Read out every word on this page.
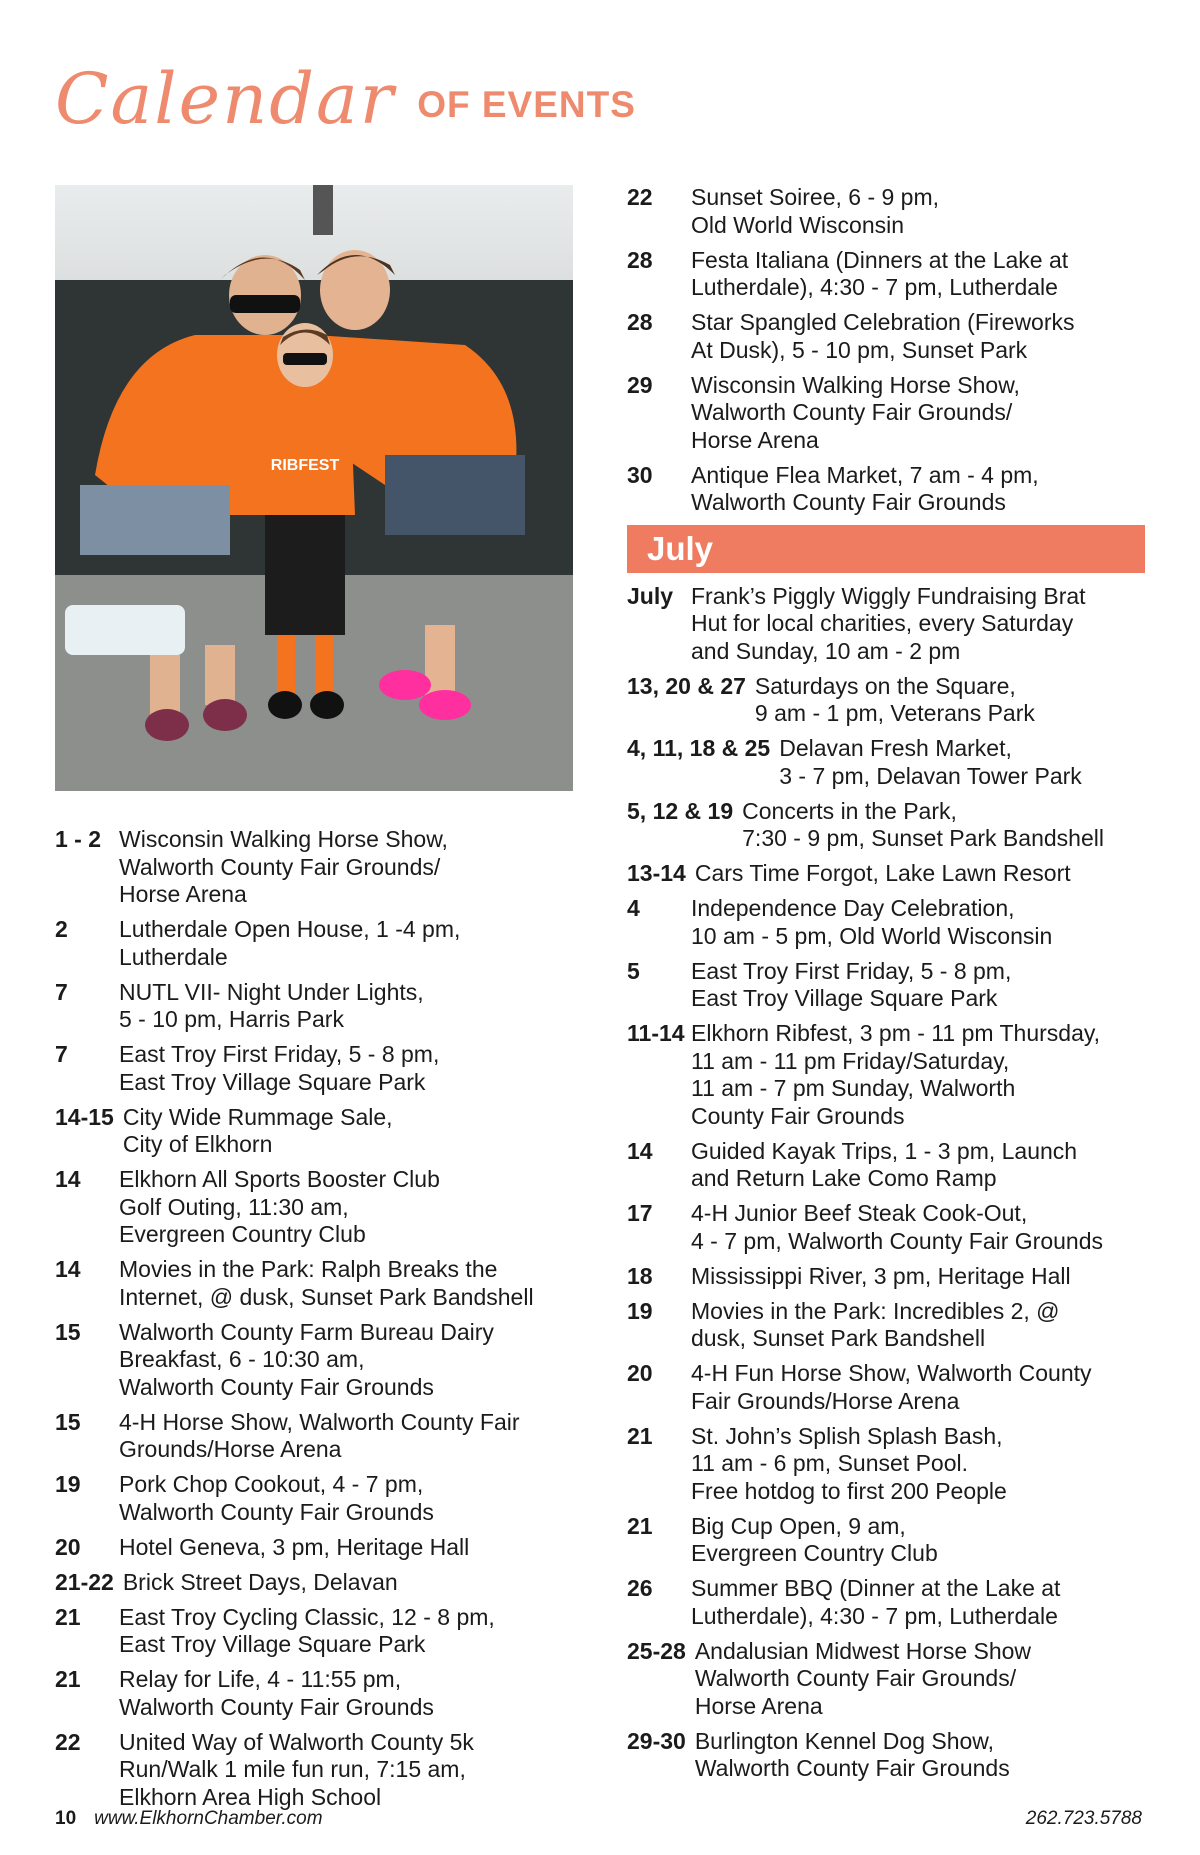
Calendar OF EVENTS
RIBFEST
1 - 2 Wisconsin Walking Horse Show,
Walworth County Fair Grounds/
Horse Arena
2	Lutherdale Open House, 1 -4 pm,
Lutherdale
7	NUTL VII- Night Under Lights,
5 - 10 pm, Harris Park
7	East Troy First Friday, 5 - 8 pm,
East Troy Village Square Park
14-15 City Wide Rummage Sale,
City of Elkhorn
14	Elkhorn All Sports Booster Club
Golf Outing, 11:30 am,
Evergreen Country Club
14	Movies in the Park: Ralph Breaks the
Internet, @ dusk, Sunset Park Bandshell
15	Walworth County Farm Bureau Dairy
Breakfast, 6 - 10:30 am,
Walworth County Fair Grounds
15	4-H Horse Show, Walworth County Fair
Grounds/Horse Arena
19	Pork Chop Cookout, 4 - 7 pm,
Walworth County Fair Grounds
20	Hotel Geneva, 3 pm, Heritage Hall
21-22 Brick Street Days, Delavan
21	East Troy Cycling Classic, 12 - 8 pm,
East Troy Village Square Park
21	Relay for Life, 4 - 11:55 pm,
Walworth County Fair Grounds
22	United Way of Walworth County 5k
Run/Walk 1 mile fun run, 7:15 am,
Elkhorn Area High School
22	Sunset Soiree, 6 - 9 pm,
Old World Wisconsin
28	Festa Italiana (Dinners at the Lake at
Lutherdale), 4:30 - 7 pm, Lutherdale
28	Star Spangled Celebration (Fireworks
At Dusk), 5 - 10 pm, Sunset Park
29	Wisconsin Walking Horse Show,
Walworth County Fair Grounds/
Horse Arena
30	Antique Flea Market, 7 am - 4 pm,
Walworth County Fair Grounds
July
July Frank’s Piggly Wiggly Fundraising Brat
Hut for local charities, every Saturday
and Sunday, 10 am - 2 pm
13, 20 & 27 Saturdays on the Square,
9 am - 1 pm, Veterans Park
4, 11, 18 & 25 Delavan Fresh Market,
3 - 7 pm, Delavan Tower Park
5, 12 & 19 Concerts in the Park,
7:30 - 9 pm, Sunset Park Bandshell
13-14 Cars Time Forgot, Lake Lawn Resort
4	Independence Day Celebration,
10 am - 5 pm, Old World Wisconsin
5	East Troy First Friday, 5 - 8 pm,
East Troy Village Square Park
11-14 Elkhorn Ribfest, 3 pm - 11 pm Thursday,
11 am - 11 pm Friday/Saturday,
11 am - 7 pm Sunday, Walworth
County Fair Grounds
14	Guided Kayak Trips, 1 - 3 pm, Launch
and Return Lake Como Ramp
17	4-H Junior Beef Steak Cook-Out,
4 - 7 pm, Walworth County Fair Grounds
18	Mississippi River, 3 pm, Heritage Hall
19	Movies in the Park: Incredibles 2, @
dusk, Sunset Park Bandshell
20	4-H Fun Horse Show, Walworth County
Fair Grounds/Horse Arena
21	St. John’s Splish Splash Bash,
11 am - 6 pm, Sunset Pool.
Free hotdog to first 200 People
21	Big Cup Open, 9 am,
Evergreen Country Club
26	Summer BBQ (Dinner at the Lake at
Lutherdale), 4:30 - 7 pm, Lutherdale
25-28 Andalusian Midwest Horse Show
Walworth County Fair Grounds/
Horse Arena
29-30 Burlington Kennel Dog Show,
Walworth County Fair Grounds
10 www.ElkhornChamber.com	262.723.5788
